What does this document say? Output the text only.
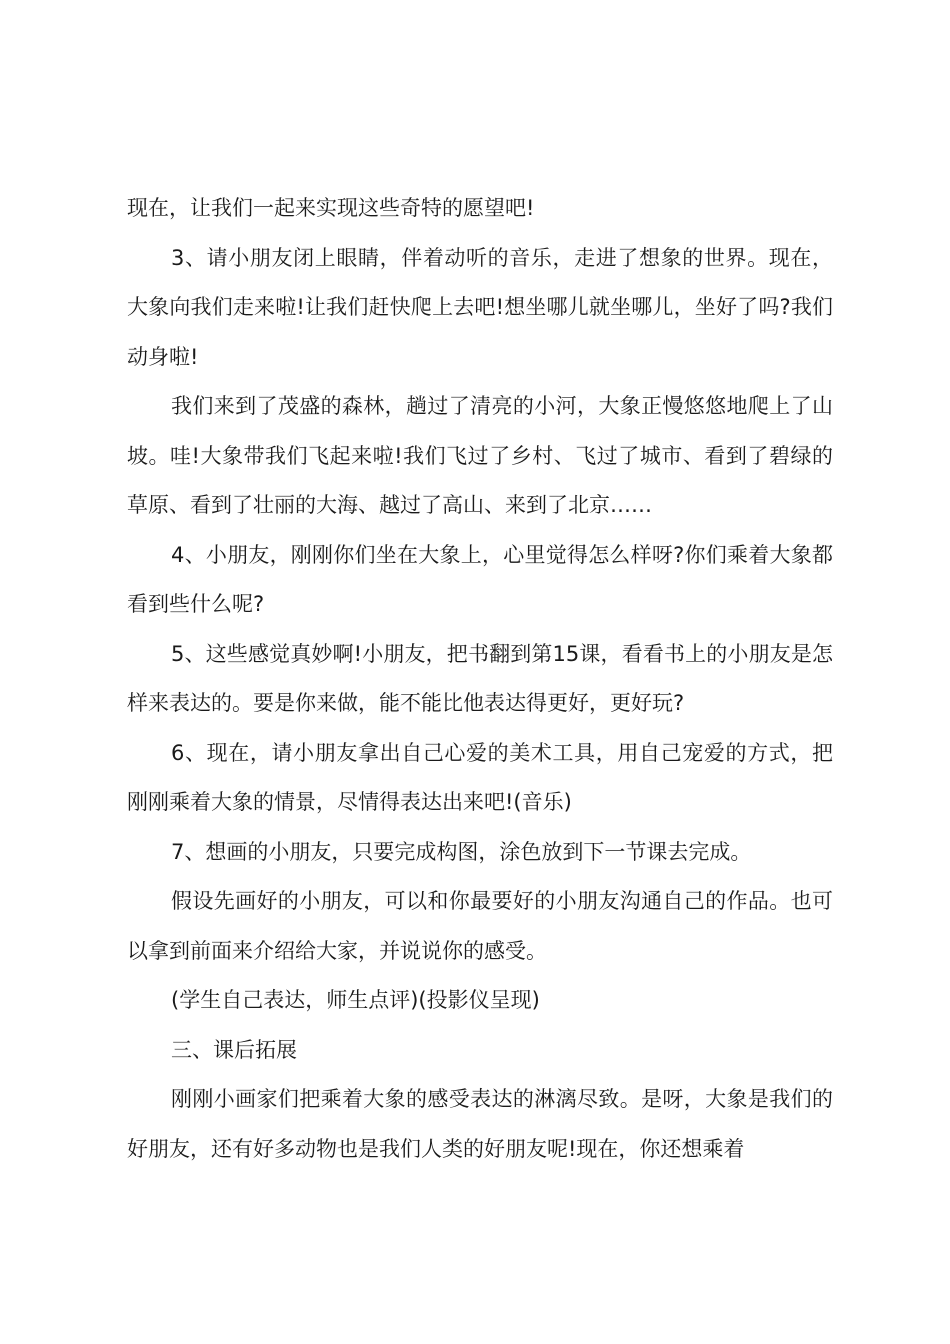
现在，让我们一起来实现这些奇特的愿望吧!

3、请小朋友闭上眼睛，伴着动听的音乐，走进了想象的世界。现在，大象向我们走来啦!让我们赶快爬上去吧!想坐哪儿就坐哪儿，坐好了吗?我们动身啦!

我们来到了茂盛的森林，趟过了清亮的小河，大象正慢悠悠地爬上了山坡。哇!大象带我们飞起来啦!我们飞过了乡村、飞过了城市、看到了碧绿的草原、看到了壮丽的大海、越过了高山、来到了北京……

4、小朋友，刚刚你们坐在大象上，心里觉得怎么样呀?你们乘着大象都看到些什么呢?

5、这些感觉真妙啊!小朋友，把书翻到第15课，看看书上的小朋友是怎样来表达的。要是你来做，能不能比他表达得更好，更好玩?

6、现在，请小朋友拿出自己心爱的美术工具，用自己宠爱的方式，把刚刚乘着大象的情景，尽情得表达出来吧!(音乐)

7、想画的小朋友，只要完成构图，涂色放到下一节课去完成。

假设先画好的小朋友，可以和你最要好的小朋友沟通自己的作品。也可以拿到前面来介绍给大家，并说说你的感受。

(学生自己表达，师生点评)(投影仪呈现)

三、课后拓展

刚刚小画家们把乘着大象的感受表达的淋漓尽致。是呀，大象是我们的好朋友，还有好多动物也是我们人类的好朋友呢!现在，你还想乘着
